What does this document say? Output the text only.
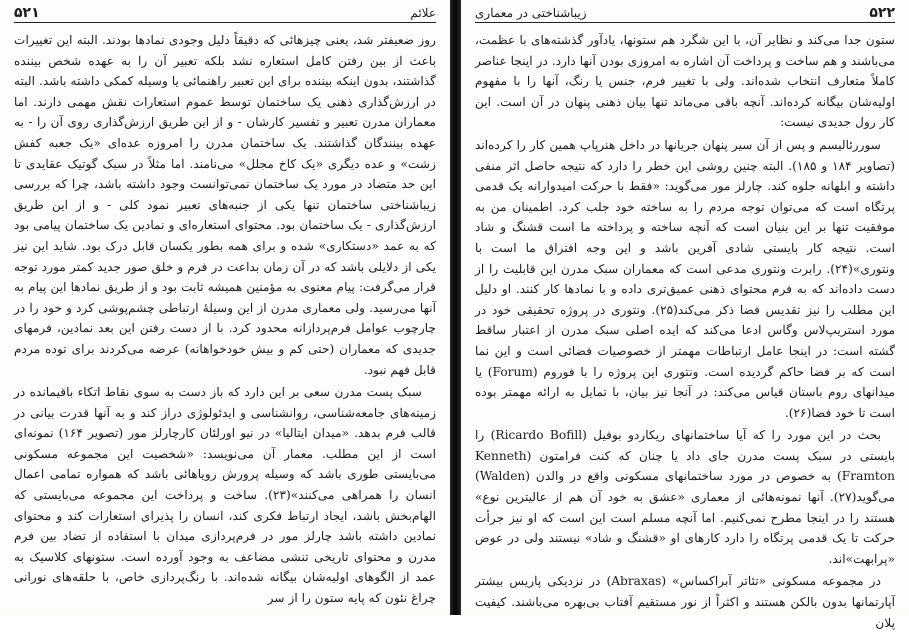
۵۲۱	علائم

روز ضعیفتر شد، یعنی چیزهائی که دقیقاً دلیل وجودی نمادها بودند. البته این تغییرات باعث از بین رفتن کامل استعاره نشد بلکه تعبیر آن را به عهده شخص بیننده گذاشتند، بدون اینکه بیننده برای این تعبیر راهنمائی یا وسیله کمکی داشته باشد. البته در ارزش‌گذاری ذهنی یک ساختمان توسط عموم استعارات نقش مهمی دارند. اما معماران مدرن تعبیر و تفسیر کارشان - و از این طریق ارزش‌گذاری روی آن را - به عهده بینندگان گذاشتند. یک ساختمان مدرن را امروزه عده‌ای «یک جعبه کفش زشت» و عده دیگری «یک کاخ مجلل» می‌نامند. اما مثلاً در سبک گوتیک عقایدی تا این حد متضاد در مورد یک ساختمان نمی‌توانست وجود داشته باشد، چرا که بررسی زیباشناختی ساختمان تنها یکی از جنبه‌های تعبیر نمود کلی - و از این طریق ارزش‌گذاری - یک ساختمان بود. محتوای استعاره‌ای و نمادین یک ساختمان پیامی بود که به عمد «دستکاری» شده و برای همه بطور یکسان قابل درک بود. شاید این نیز یکی از دلایلی باشد که در آن زمان بداعت در فرم و خلق صور جدید کمتر مورد توجه قرار می‌گرفت: پیام معنوی به مؤمنین همیشه ثابت بود و از طریق نمادها این پیام به آنها می‌رسید. ولی معماری مدرن از این وسیلهٔ ارتباطی چشم‌پوشی کرد و خود را در چارچوب عوامل فرم‌پردازانه محدود کرد. با از دست رفتن این بعد نمادین، فرمهای جدیدی که معماران (حتی کم و بیش خودخواهانه) عرضه می‌کردند برای توده مردم قابل فهم نبود.

سبک پست مدرن سعی بر این دارد که باز دست به سوی نقاط اتکاء باقیمانده در زمینه‌های جامعه‌شناسی، روانشناسی و ایدئولوژی دراز کند و به آنها قدرت بیانی در قالب فرم بدهد. «میدان ایتالیا» در نیو اورلئان کارچارلز مور (تصویر ۱۶۴) نمونه‌ای است از این مطلب. معمار آن می‌نویسد: «شخصیت این مجموعه مسکونی می‌بایستی طوری باشد که وسیله پرورش رویاهائی باشد که همواره تمامی اعمال انسان را همراهی می‌کنند»(۲۳). ساخت و پرداخت این مجموعه می‌بایستی که الهام‌بخش باشد، ایجاد ارتباط فکری کند، انسان را پذیرای استعارات کند و محتوای نمادین داشته باشد چارلز مور در فرم‌پردازی میدان با استفاده از تضاد بین فرم مدرن و محتوای تاریخی تنشی مضاعف به وجود آورده است. ستونهای کلاسیک به عمد از الگوهای اولیه‌شان بیگانه شده‌اند. با رنگ‌پردازی خاص، با حلقه‌های نورانی چراغ نئون که پایه ستون را از سر

زیباشناختی در معماری	۵۲۲

ستون جدا می‌کند و نظایر آن، با این شگرد هم ستونها، یادآور گذشته‌های با عظمت، می‌باشند و هم ساخت و پرداخت آن اشاره به امروزی بودن آنها دارد. در اینجا عناصر کاملاً متعارف انتخاب شده‌اند. ولی با تغییر فرم، جنس یا رنگ، آنها را با مفهوم اولیه‌شان بیگانه کرده‌اند. آنچه باقی می‌ماند تنها بیان ذهنی پنهان در آن است. این کار رول جدیدی نیست:

سوررئالیسم و پس از آن سیر پنهان جریانها در داخل هنرپاپ همین کار را کرده‌اند (تصاویر ۱۸۴ و ۱۸۵). البته چنین روشی این خطر را دارد که نتیجه حاصل اثر منفی داشته و ابلهانه جلوه کند. چارلز مور می‌گوید: «فقط با حرکت امیدوارانه یک قدمی پرتگاه است که می‌توان توجه مردم را به ساخته خود جلب کرد. اطمینان من به موفقیت تنها بر این بنیان است که آنچه ساخته و پرداخته ما است قشنگ و شاد است. نتیجه کار بایستی شادی آفرین باشد و این وجه افتراق ما است با ونتوری»(۲۴). رابرت ونتوری مدعی است که معماران سبک مدرن این قابلیت را از دست داده‌اند که به فرم محتوای ذهنی عمیق‌تری داده و با نمادها کار کنند. او دلیل این مطلب را نیز تقدیس فضا ذکر می‌کند(۲۵). ونتوری در پروژه تحقیقی خود در مورد استریپ‌لاس وگاس ادعا می‌کند که ایده اصلی سبک مدرن از اعتبار ساقط گشته است: در اینجا عامل ارتباطات مهمتر از خصوصیات فضائی است و این نما است که بر فضا حاکم گردیده است. ونتوری این پروژه را با فوروم (Forum) یا میدانهای روم باستان قیاس می‌کند: در آنجا نیز بیان، با تمایل به ارائه مهمتر بوده است تا خود فضا(۲۶).

بحث در این مورد را که آیا ساختمانهای ریکاردو بوفیل (Ricardo Bofill) را بایستی در سبک پست مدرن جای داد یا چنان که کنت فرامتون (Kenneth Framton) به خصوص در مورد ساختمانهای مسکونی واقع در والدن (Walden) می‌گوید(۲۷). آنها نمونه‌هائی از معماری «عشق به خود آن هم از عالیترین نوع» هستند را در اینجا مطرح نمی‌کنیم. اما آنچه مسلم است این است که او نیز جرأت حرکت تا یک قدمی پرتگاه را دارد کارهای او «قشنگ و شاد» نیستند ولی در عوض «پرابهت»اند.

در مجموعه مسکونی «تئاتر آبراکساس» (Abraxas) در نزدیکی پاریس بیشتر آپارتمانها بدون بالکن هستند و اکثراً از نور مستقیم آفتاب بی‌بهره می‌باشند. کیفیت پلان
